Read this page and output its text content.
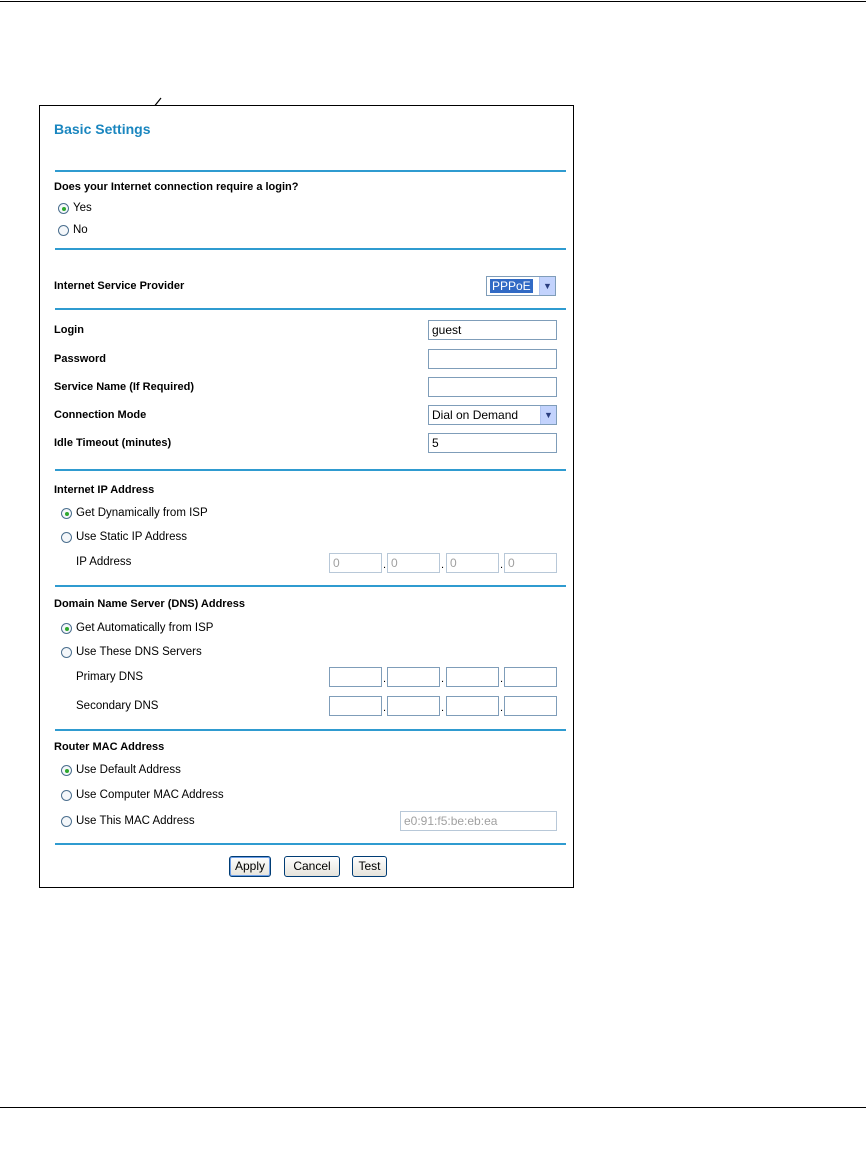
Basic Settings
Does your Internet connection require a login?
Yes
No
Internet Service Provider	PPPoE	▼
Login	guest
Password
Service Name (If Required)
Connection Mode	Dial on Demand	▼
Idle Timeout (minutes)	5
Internet IP Address
Get Dynamically from ISP
Use Static IP Address
IP Address	0	. 0	. 0	. 0
Domain Name Server (DNS) Address
Get Automatically from ISP
Use These DNS Servers
Primary DNS	.	.	.
Secondary DNS	.	.	.
Router MAC Address
Use Default Address
Use Computer MAC Address
Use This MAC Address	e0:91:f5:be:eb:ea
Apply	Cancel	Test
